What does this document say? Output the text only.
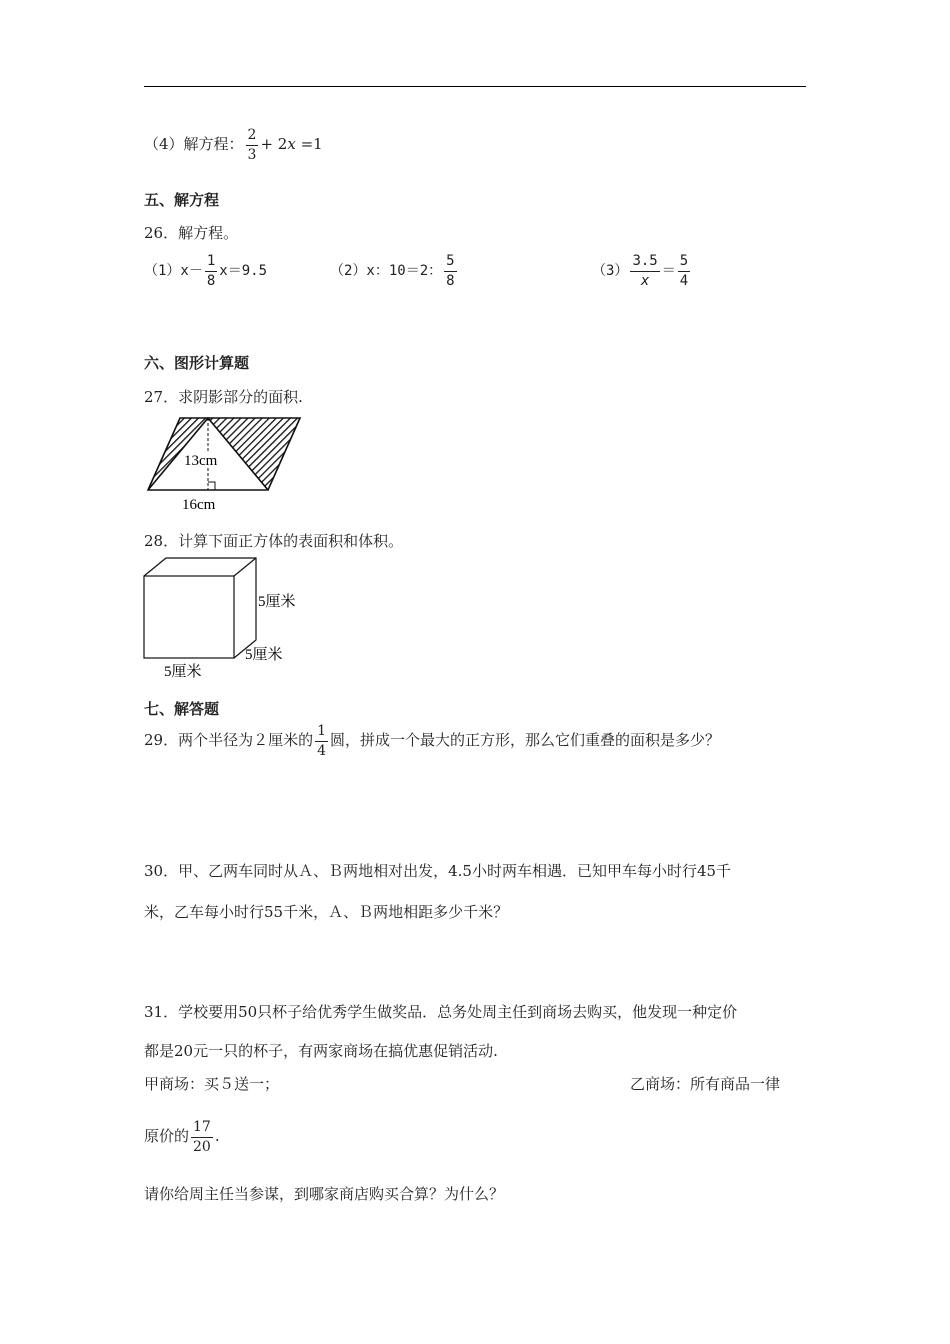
（4）解方程： $\frac{2}{3} + 2x =1$
五、解方程
26．解方程。
$(1)x- \frac{1}{8} x=9.5$	（2）x：10＝2： $\frac{5}{8}$	$(3) \frac{3.5}{x} = \frac{5}{4}$
六、图形计算题
27．求阴影部分的面积.
13cm
16cm
28．计算下面正方体的表面积和体积。
5厘米
5厘米
5厘米
七、解答题
29．两个半径为２厘米的 $\frac{1}{4}$ 圆，拼成一个最大的正方形，那么它们重叠的面积是多少？
30．甲、乙两车同时从Ａ、Ｂ两地相对出发，4.5小时两车相遇．已知甲车每小时行45千
米，乙车每小时行55千米，Ａ、Ｂ两地相距多少千米？
31．学校要用50只杯子给优秀学生做奖品．总务处周主任到商场去购买，他发现一种定价
都是20元一只的杯子，有两家商场在搞优惠促销活动.
甲商场：买５送一；	乙商场：所有商品一律
原价的 $\frac{17}{20}$ .
请你给周主任当参谋，到哪家商店购买合算？为什么？
